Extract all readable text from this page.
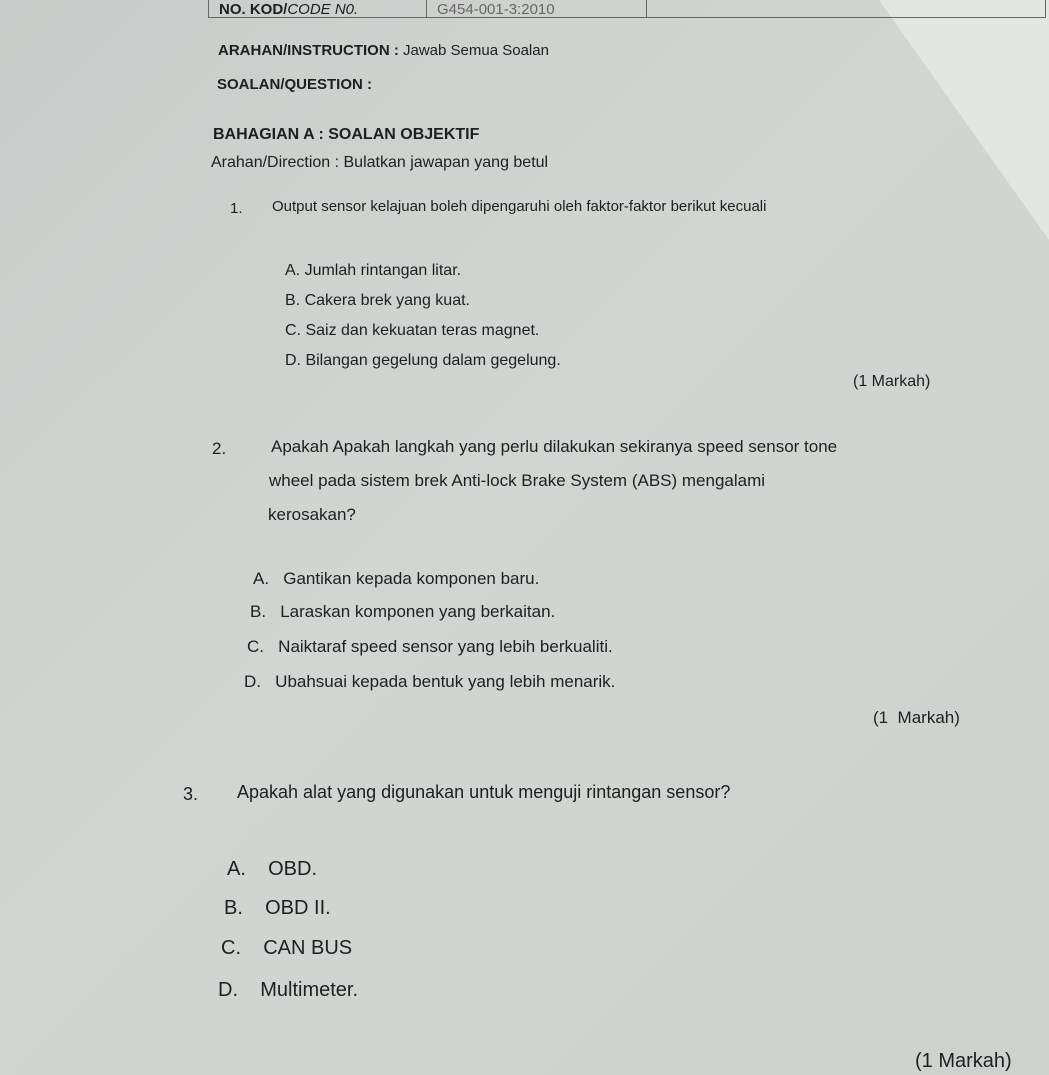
NO. KOD/CODE N0.	G454-001-3:2010
ARAHAN/INSTRUCTION : Jawab Semua Soalan
SOALAN/QUESTION :
BAHAGIAN A : SOALAN OBJEKTIF
Arahan/Direction : Bulatkan jawapan yang betul
1. Output sensor kelajuan boleh dipengaruhi oleh faktor-faktor berikut kecuali
A. Jumlah rintangan litar.
B. Cakera brek yang kuat.
C. Saiz dan kekuatan teras magnet.
D. Bilangan gegelung dalam gegelung.
(1 Markah)
2.	Apakah Apakah langkah yang perlu dilakukan sekiranya speed sensor tone
wheel pada sistem brek Anti-lock Brake System (ABS) mengalami
kerosakan?
A.   Gantikan kepada komponen baru.
B.   Laraskan komponen yang berkaitan.
C.   Naiktaraf speed sensor yang lebih berkualiti.
D.   Ubahsuai kepada bentuk yang lebih menarik.
(1  Markah)
3. Apakah alat yang digunakan untuk menguji rintangan sensor?
A.    OBD.
B.    OBD II.
C.    CAN BUS
D.    Multimeter.
(1 Markah)
